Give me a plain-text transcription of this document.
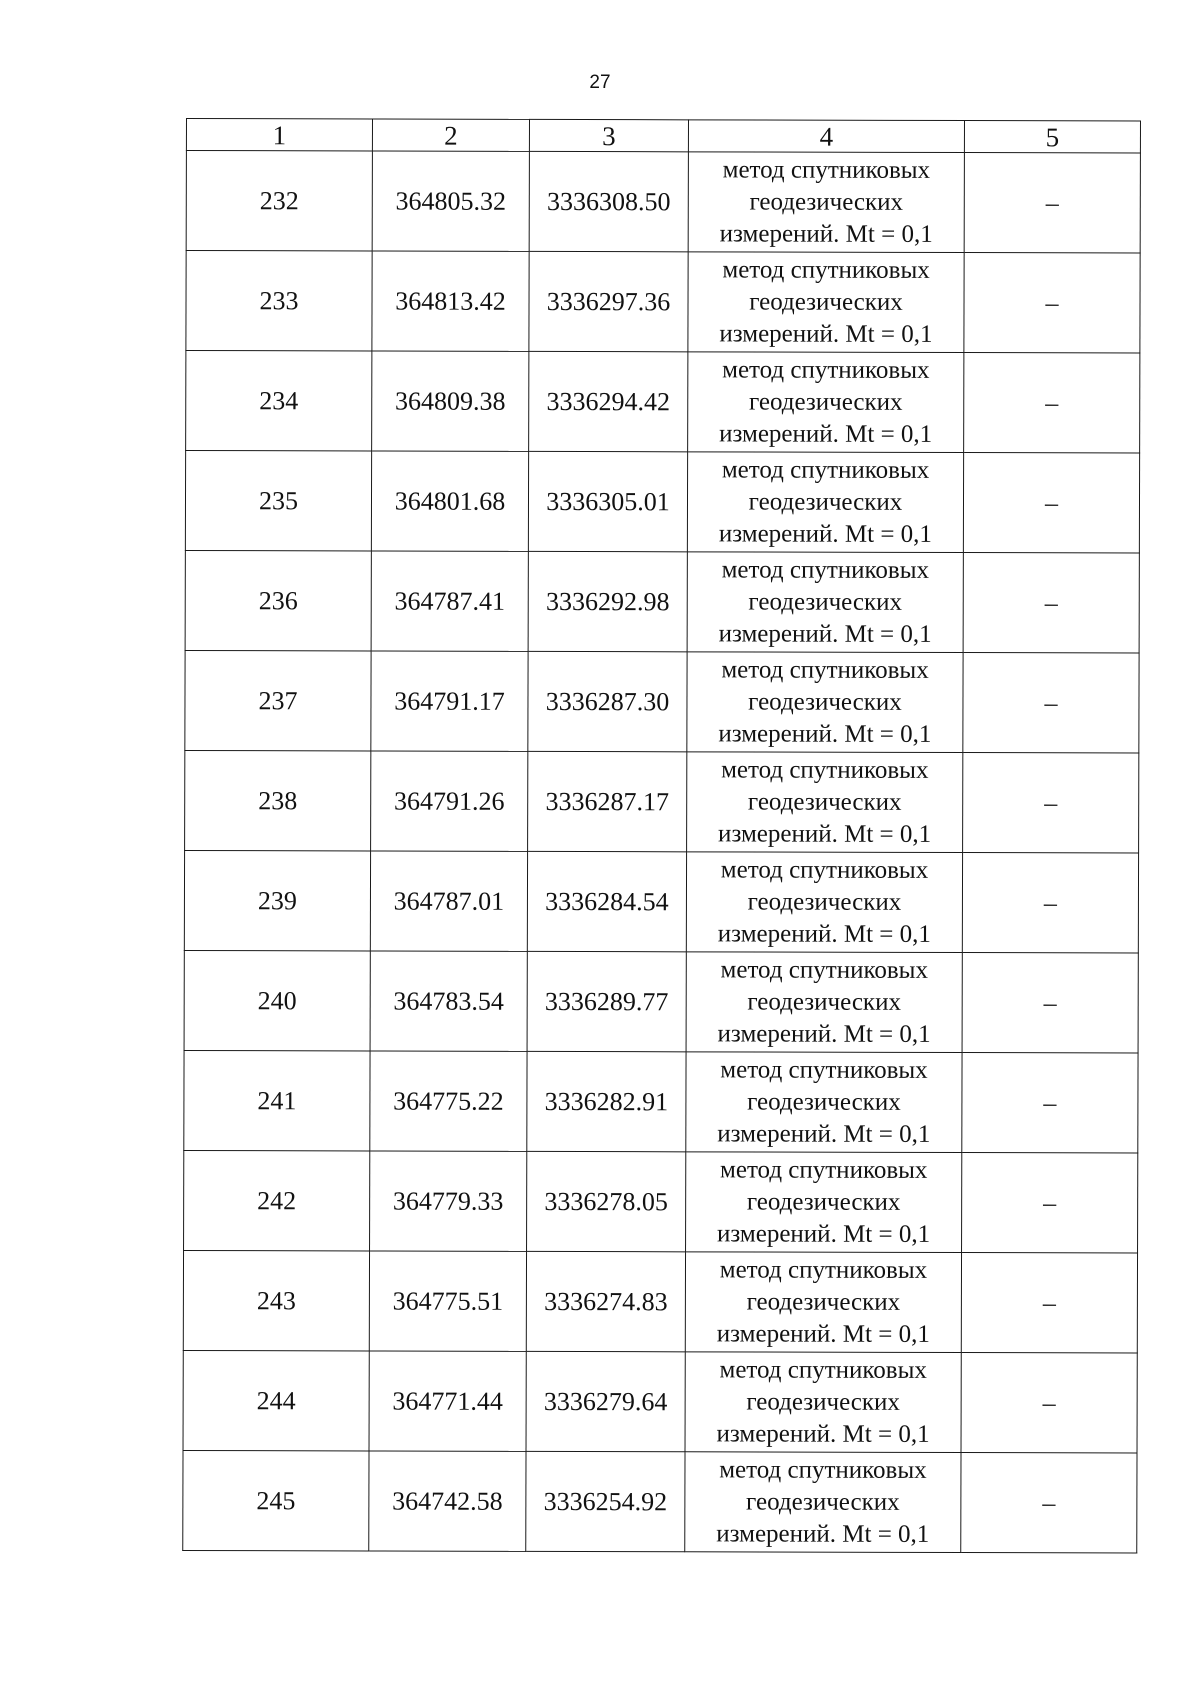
27
1	2	3	4	5
232	364805.32	3336308.50	метод спутниковых
геодезических
измерений. Mt = 0,1	–
233	364813.42	3336297.36	метод спутниковых
геодезических
измерений. Mt = 0,1	–
234	364809.38	3336294.42	метод спутниковых
геодезических
измерений. Mt = 0,1	–
235	364801.68	3336305.01	метод спутниковых
геодезических
измерений. Mt = 0,1	–
236	364787.41	3336292.98	метод спутниковых
геодезических
измерений. Mt = 0,1	–
237	364791.17	3336287.30	метод спутниковых
геодезических
измерений. Mt = 0,1	–
238	364791.26	3336287.17	метод спутниковых
геодезических
измерений. Mt = 0,1	–
239	364787.01	3336284.54	метод спутниковых
геодезических
измерений. Mt = 0,1	–
240	364783.54	3336289.77	метод спутниковых
геодезических
измерений. Mt = 0,1	–
241	364775.22	3336282.91	метод спутниковых
геодезических
измерений. Mt = 0,1	–
242	364779.33	3336278.05	метод спутниковых
геодезических
измерений. Mt = 0,1	–
243	364775.51	3336274.83	метод спутниковых
геодезических
измерений. Mt = 0,1	–
244	364771.44	3336279.64	метод спутниковых
геодезических
измерений. Mt = 0,1	–
245	364742.58	3336254.92	метод спутниковых
геодезических
измерений. Mt = 0,1	–
